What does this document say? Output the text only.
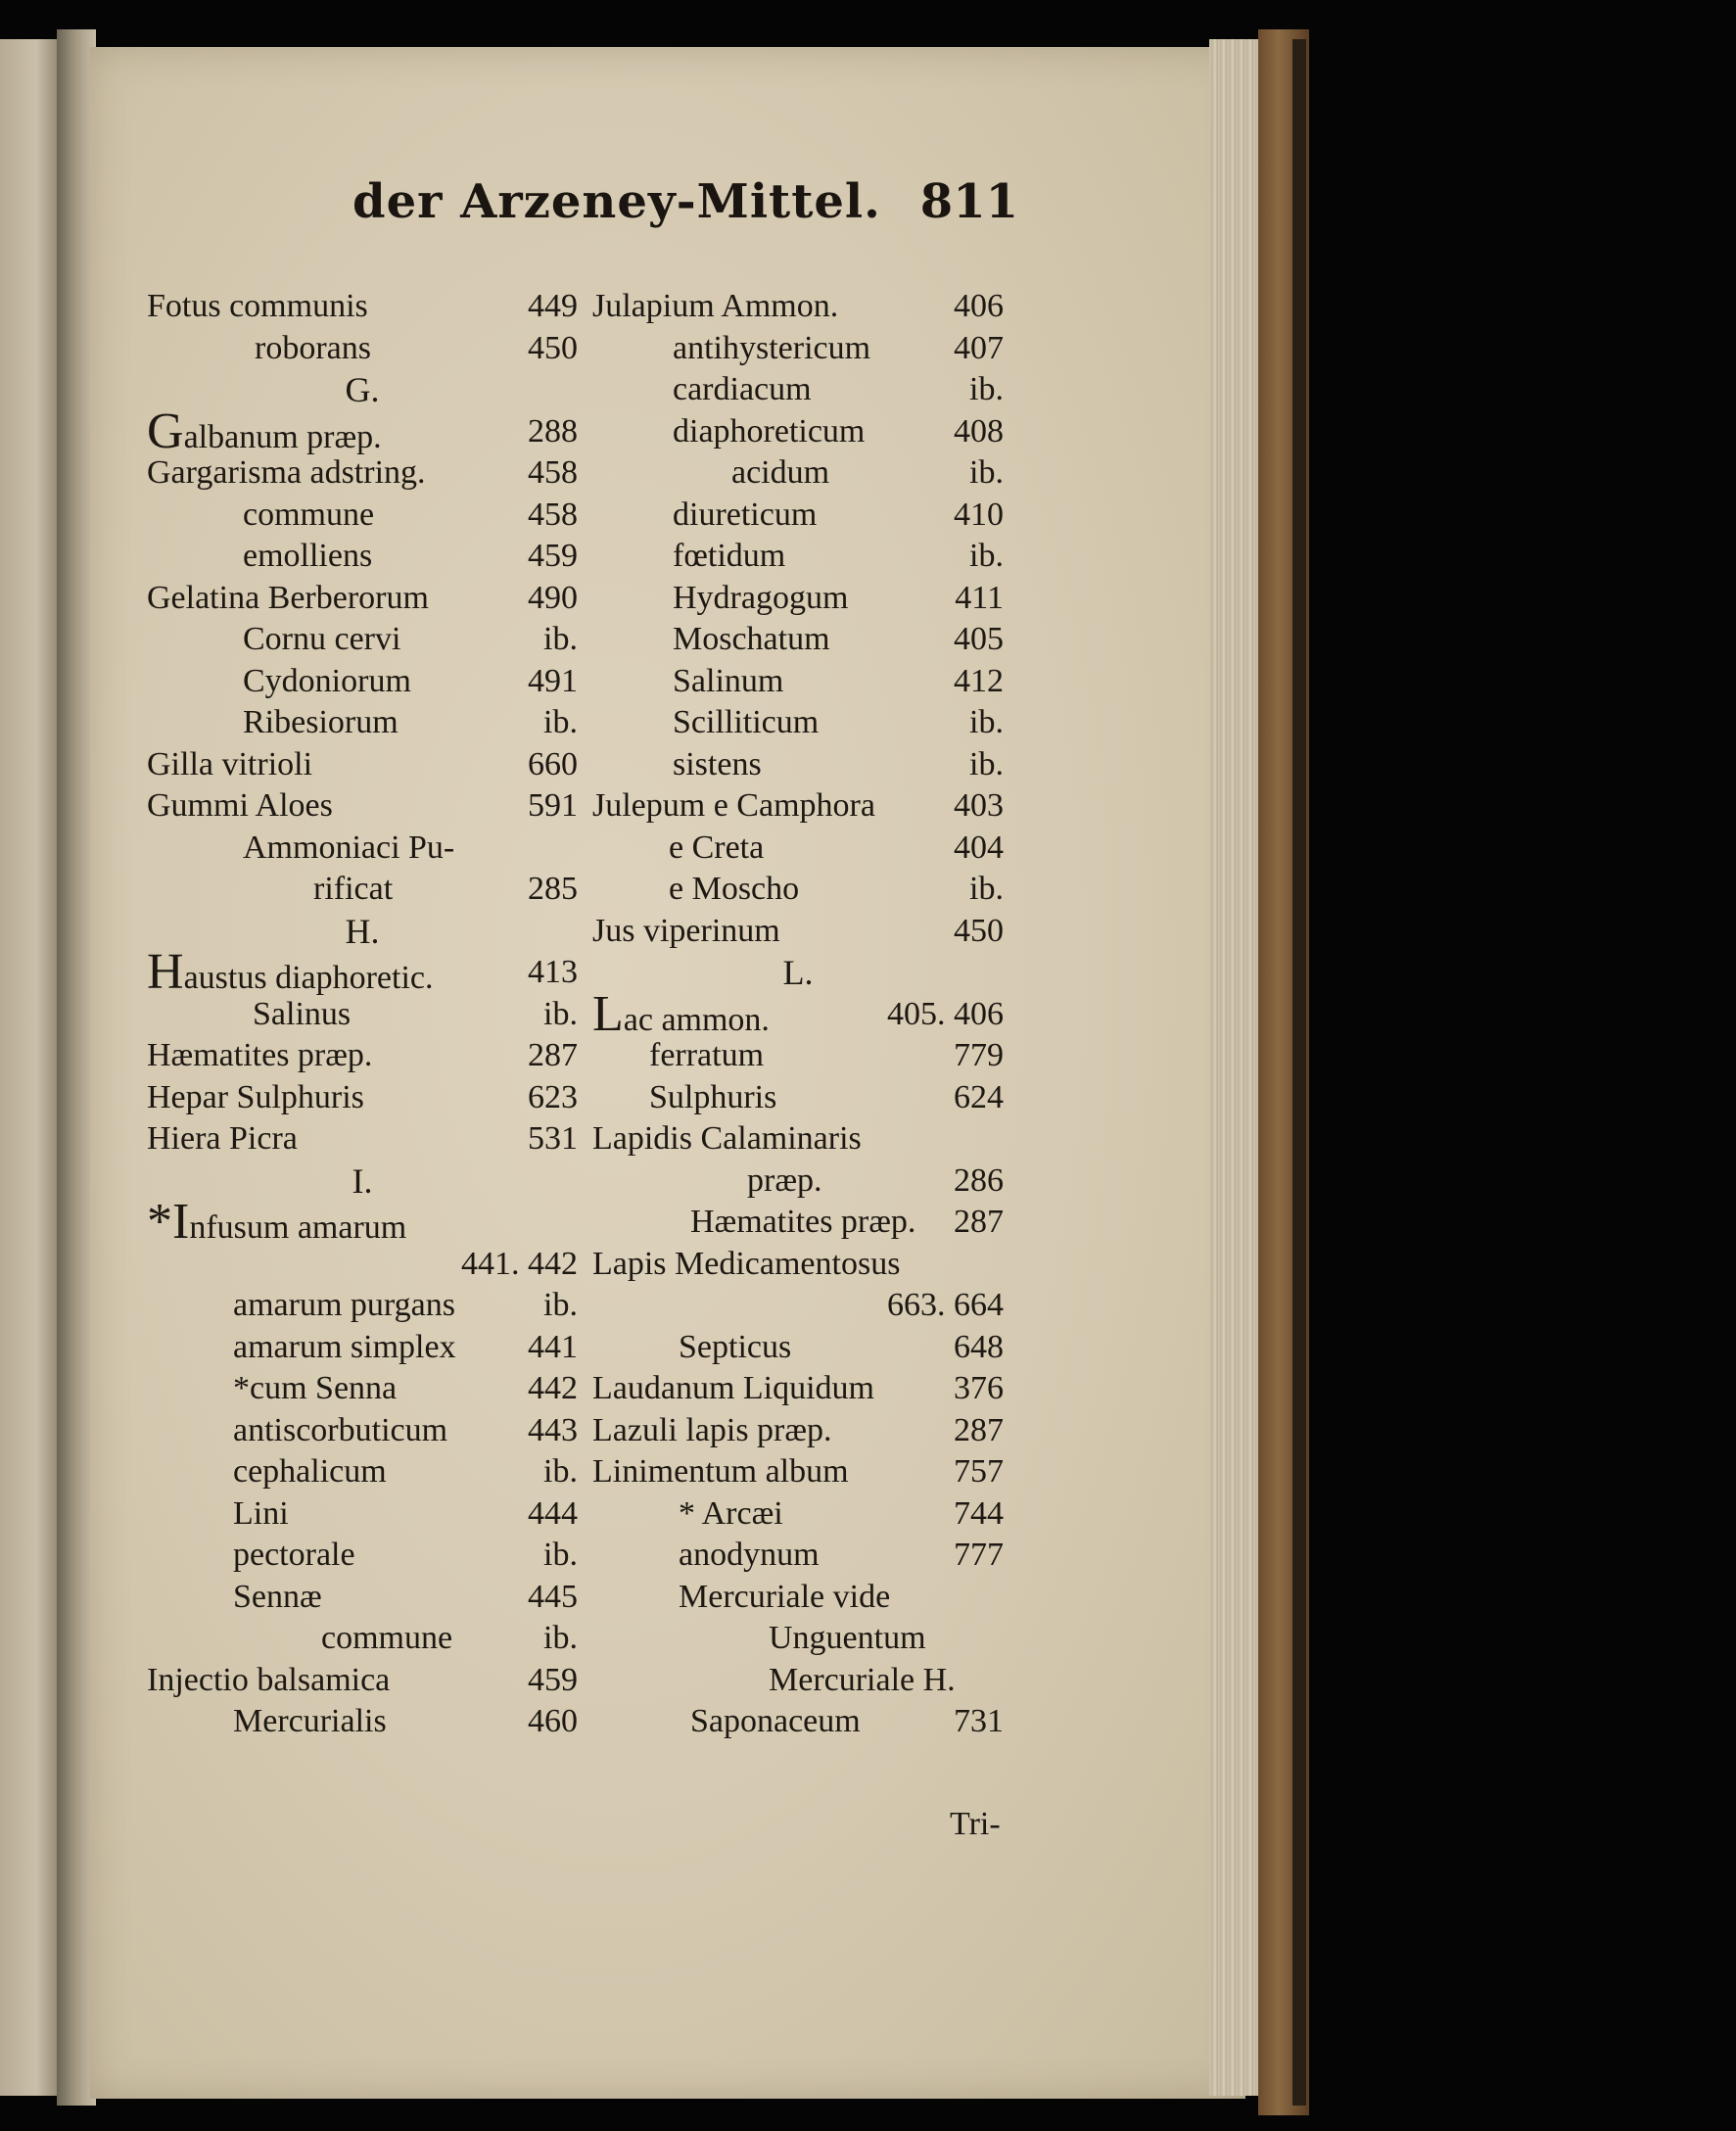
der Arzeney-Mittel. 811
Fotus communis	449
roborans	450
G.
Galbanum præp.	288
Gargarisma adstring.	458
commune	458
emolliens	459
Gelatina Berberorum	490
Cornu cervi	ib.
Cydoniorum	491
Ribesiorum	ib.
Gilla vitrioli	660
Gummi Aloes	591
Ammoniaci Pu-
rificat	285
H.
Haustus diaphoretic.	413
Salinus	ib.
Hæmatites præp.	287
Hepar Sulphuris	623
Hiera Picra	531
I.
*Infusum amarum
441. 442
amarum purgans	ib.
amarum simplex 441
*cum Senna	442
antiscorbuticum 443
cephalicum	ib.
Lini	444
pectorale	ib.
Sennæ	445
commune	ib.
Injectio balsamica	459
Mercurialis	460
Julapium Ammon.	406
antihystericum 407
cardiacum	ib.
diaphoreticum	408
acidum	ib.
diureticum	410
fœtidum	ib.
Hydragogum	411
Moschatum	405
Salinum	412
Scilliticum	ib.
sistens	ib.
Julepum e Camphora 403
e Creta	404
e Moscho	ib.
Jus viperinum	450
L.
Lac ammon.	405. 406
ferratum	779
Sulphuris	624
Lapidis Calaminaris
præp.	286
Hæmatites præp. 287
Lapis Medicamentosus
663. 664
Septicus	648
Laudanum Liquidum 376
Lazuli lapis præp.	287
Linimentum album	757
* Arcæi	744
anodynum	777
Mercuriale vide
Unguentum
Mercuriale H.
Saponaceum	731
Tri-
